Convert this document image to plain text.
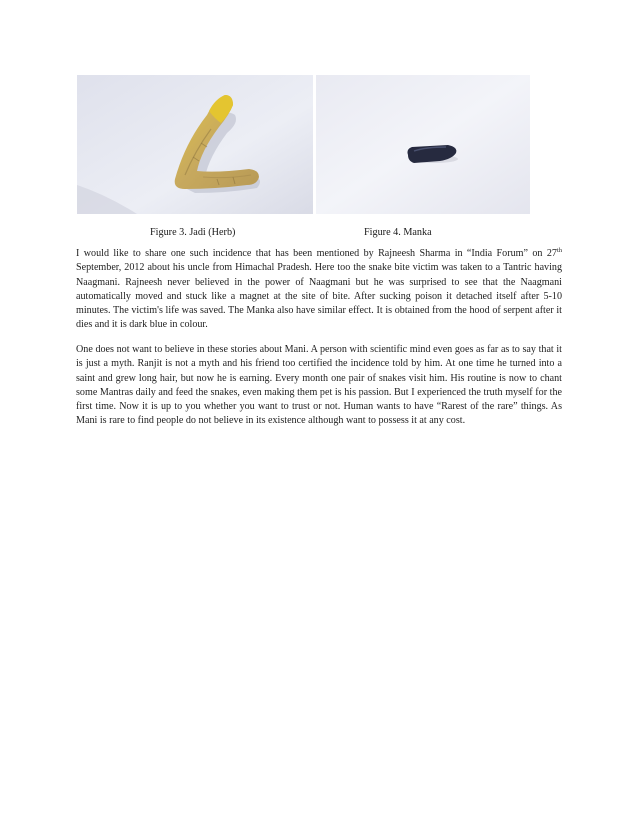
Figure 3. Jadi (Herb)	Figure 4. Manka

I would like to share one such incidence that has been mentioned by Rajneesh Sharma in “India Forum” on 27th September, 2012 about his uncle from Himachal Pradesh. Here too the snake bite victim was taken to a Tantric having Naagmani. Rajneesh never believed in the power of Naagmani but he was surprised to see that the Naagmani automatically moved and stuck like a magnet at the site of bite. After sucking poison it detached itself after 5-10 minutes. The victim's life was saved. The Manka also have similar effect. It is obtained from the hood of serpent after it dies and it is dark blue in colour.

One does not want to believe in these stories about Mani. A person with scientific mind even goes as far as to say that it is just a myth. Ranjit is not a myth and his friend too certified the incidence told by him. At one time he turned into a saint and grew long hair, but now he is earning. Every month one pair of snakes visit him. His routine is now to chant some Mantras daily and feed the snakes, even making them pet is his passion. But I experienced the truth myself for the first time. Now it is up to you whether you want to trust or not. Human wants to have “Rarest of the rare” things. As Mani is rare to find people do not believe in its existence although want to possess it at any cost.
